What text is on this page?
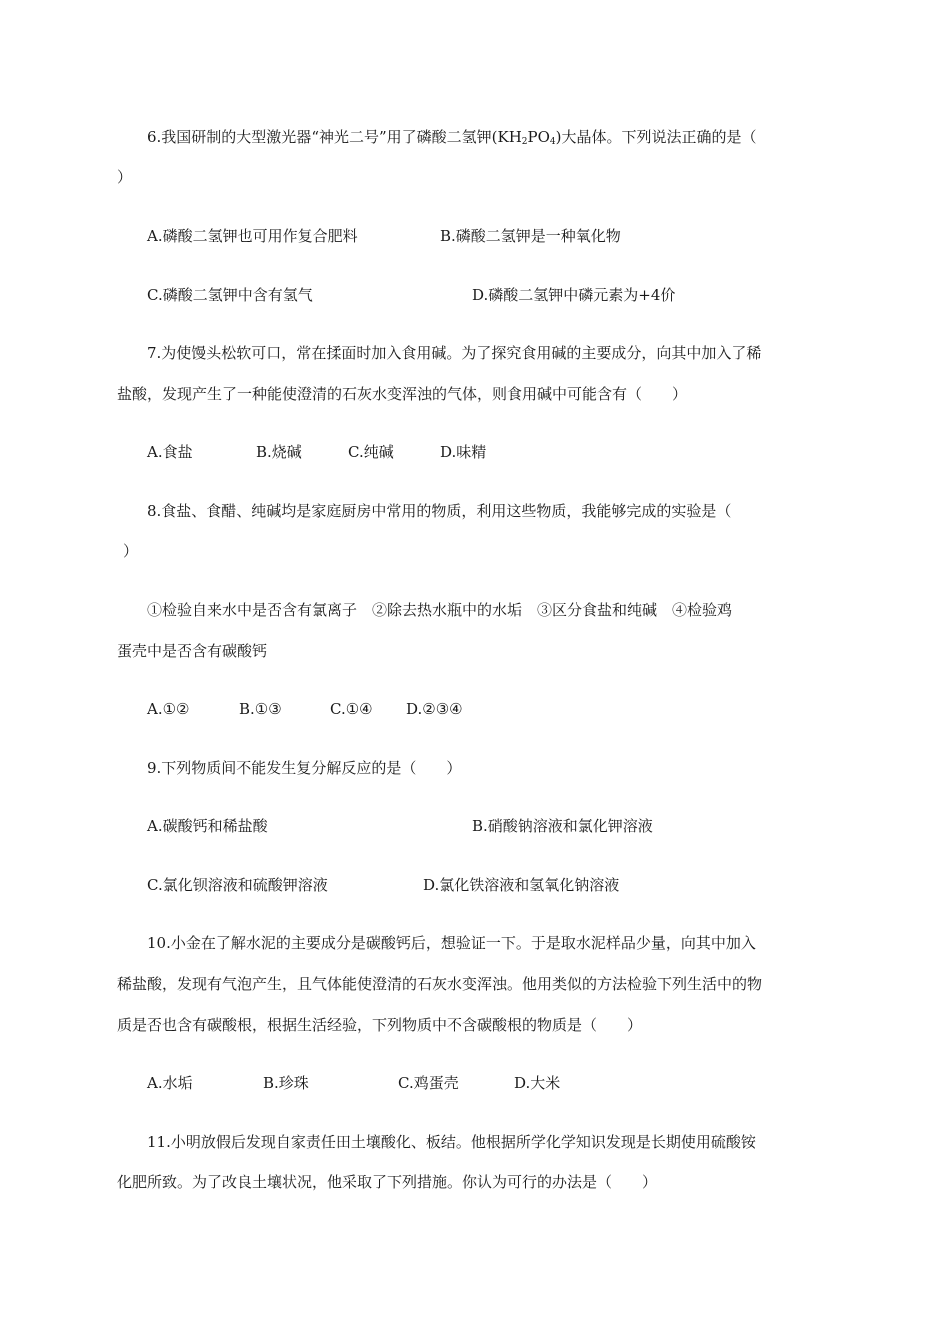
6.我国研制的大型激光器“神光二号”用了磷酸二氢钾$(KH_2PO_4)$大晶体。下列说法正确的是（
）
A.磷酸二氢钾也可用作复合肥料	B.磷酸二氢钾是一种氧化物
C.磷酸二氢钾中含有氢气	D.磷酸二氢钾中磷元素为+4价
7.为使馒头松软可口，常在揉面时加入食用碱。为了探究食用碱的主要成分，向其中加入了稀
盐酸，发现产生了一种能使澄清的石灰水变浑浊的气体，则食用碱中可能含有（　　）
A.食盐	B.烧碱	C.纯碱	D.味精
8.食盐、食醋、纯碱均是家庭厨房中常用的物质，利用这些物质，我能够完成的实验是（
）
①检验自来水中是否含有氯离子　②除去热水瓶中的水垢　③区分食盐和纯碱　④检验鸡
蛋壳中是否含有碳酸钙
A.①②	B.①③	C.①④ D.②③④
9.下列物质间不能发生复分解反应的是（　　）
A.碳酸钙和稀盐酸	B.硝酸钠溶液和氯化钾溶液
C.氯化钡溶液和硫酸钾溶液	D.氯化铁溶液和氢氧化钠溶液
10.小金在了解水泥的主要成分是碳酸钙后，想验证一下。于是取水泥样品少量，向其中加入
稀盐酸，发现有气泡产生，且气体能使澄清的石灰水变浑浊。他用类似的方法检验下列生活中的物
质是否也含有碳酸根，根据生活经验，下列物质中不含碳酸根的物质是（　　）
A.水垢	B.珍珠	C.鸡蛋壳	D.大米
11.小明放假后发现自家责任田土壤酸化、板结。他根据所学化学知识发现是长期使用硫酸铵
化肥所致。为了改良土壤状况，他采取了下列措施。你认为可行的办法是（　　）
